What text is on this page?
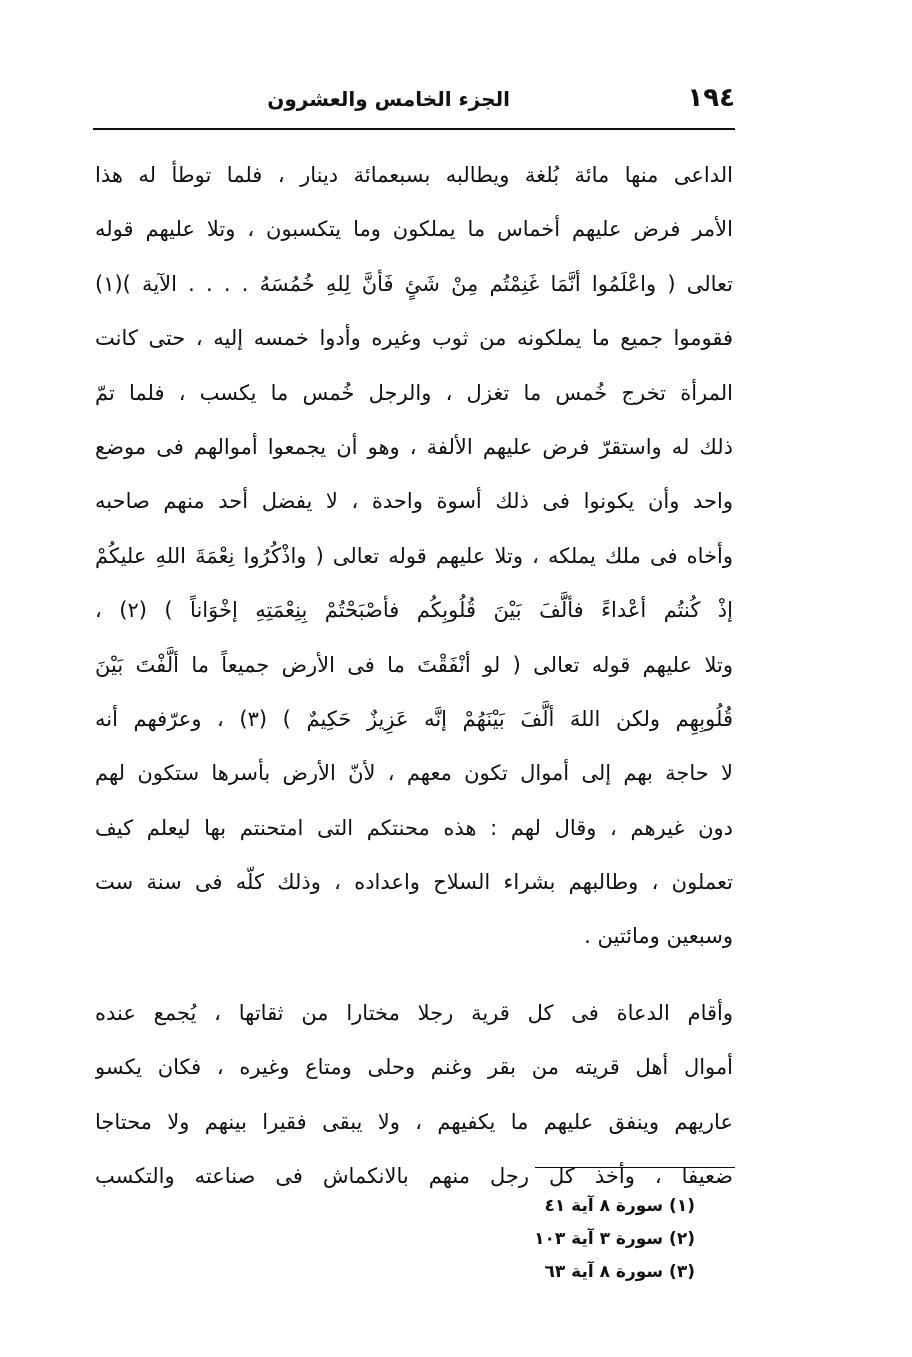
١٩٤
الجزء الخامس والعشرون
الداعى منها مائة بُلغة ويطالبه بسبعمائة دينار ، فلما توطأ له هذا
الأمر فرض عليهم أخماس ما يملكون وما يتكسبون ، وتلا عليهم قوله
تعالى ( واعْلَمُوا أنَّمَا غَنِمْتُم مِنْ شَئٍ فَأنَّ لِلهِ خُمُسَهُ . . . . الآية )(١)
فقوموا جميع ما يملكونه من ثوب وغيره وأدوا خمسه إليه ، حتى كانت
المرأة تخرج خُمس ما تغزل ، والرجل خُمس ما يكسب ، فلما تمّ
ذلك له واستقرّ فرض عليهم الألفة ، وهو أن يجمعوا أموالهم فى موضع
واحد وأن يكونوا فى ذلك أسوة واحدة ، لا يفضل أحد منهم صاحبه
وأخاه فى ملك يملكه ، وتلا عليهم قوله تعالى ( واذْكُرُوا نِعْمَةَ اللهِ عليكُمْ
إذْ كُنتُم أعْداءً فألَّفَ بَيْنَ قُلُوبِكُم فأصْبَحْتُمْ بِنِعْمَتِهِ إخْوَاناً ) (٢) ،
وتلا عليهم قوله تعالى ( لو أنْفَقْتَ ما فى الأرض جميعاً ما ألَّفْتَ بَيْنَ
قُلُوبِهِم ولكن اللهَ ألَّفَ بَيْنَهُمْ إنَّه عَزِيزٌ حَكِيمٌ ) (٣) ، وعرّفهم أنه
لا حاجة بهم إلى أموال تكون معهم ، لأنّ الأرض بأسرها ستكون لهم
دون غيرهم ، وقال لهم : هذه محنتكم التى امتحنتم بها ليعلم كيف
تعملون ، وطالبهم بشراء السلاح واعداده ، وذلك كلّه فى سنة ست
وسبعين ومائتين .
وأقام الدعاة فى كل قرية رجلا مختارا من ثقاتها ، يُجمع عنده
أموال أهل قريته من بقر وغنم وحلى ومتاع وغيره ، فكان يكسو
عاريهم وينفق عليهم ما يكفيهم ، ولا يبقى فقيرا بينهم ولا محتاجا
ضعيفا ، وأخذ كل رجل منهم بالانكماش فى صناعته والتكسب
(١) سورة ٨ آية ٤١
(٢) سورة ٣ آية ١٠٣
(٣) سورة ٨ آية ٦٣
